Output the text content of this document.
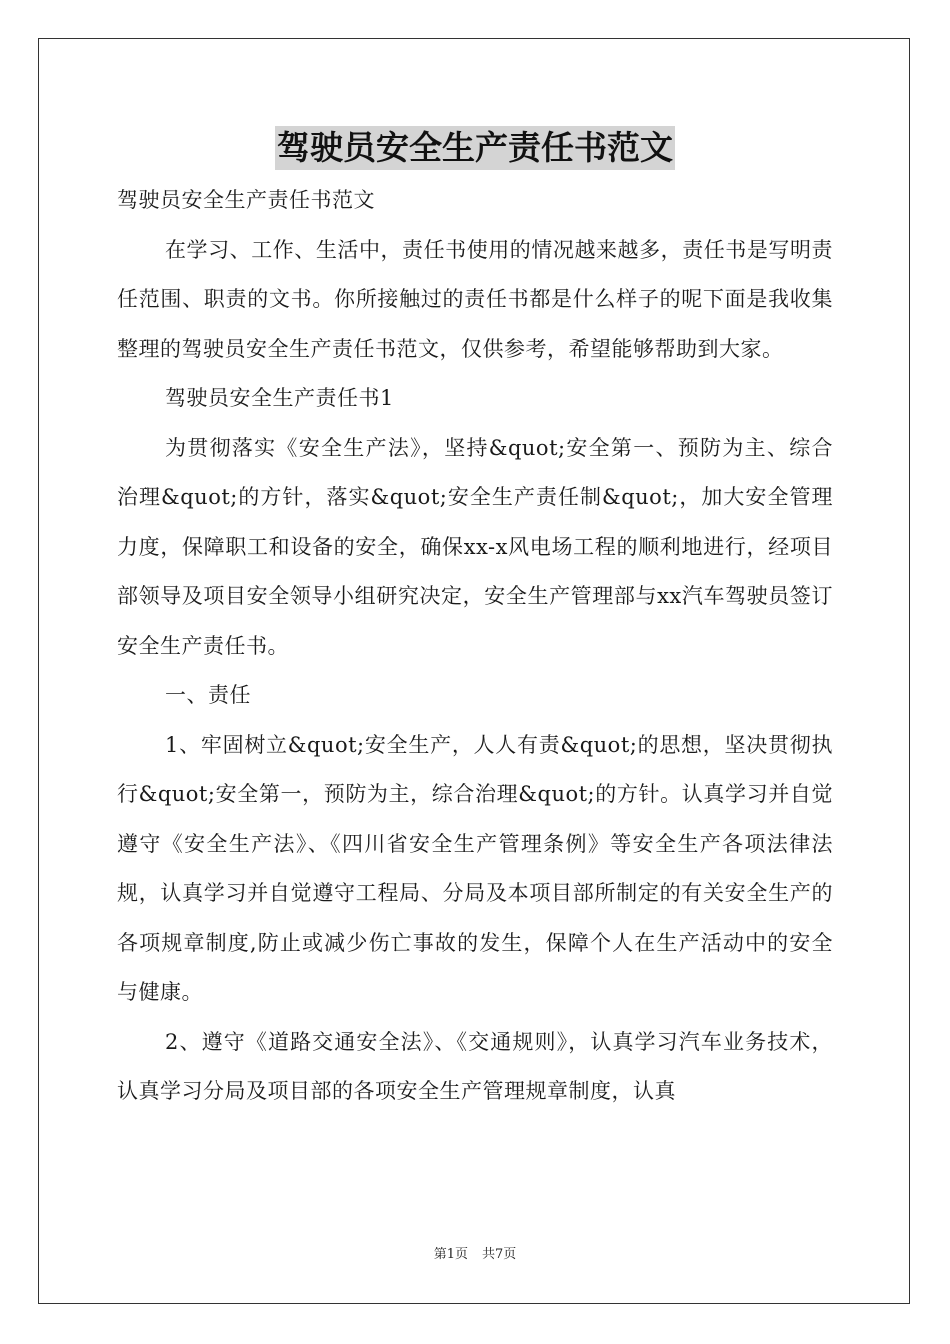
驾驶员安全生产责任书范文

驾驶员安全生产责任书范文

在学习、工作、生活中，责任书使用的情况越来越多，责任书是写明责任范围、职责的文书。你所接触过的责任书都是什么样子的呢下面是我收集整理的驾驶员安全生产责任书范文，仅供参考，希望能够帮助到大家。

驾驶员安全生产责任书1

为贯彻落实《安全生产法》，坚持&quot;安全第一、预防为主、综合治理&quot;的方针，落实&quot;安全生产责任制&quot;，加大安全管理力度，保障职工和设备的安全，确保xx-x风电场工程的顺利地进行，经项目部领导及项目安全领导小组研究决定，安全生产管理部与xx汽车驾驶员签订安全生产责任书。

一、责任

1、牢固树立&quot;安全生产，人人有责&quot;的思想，坚决贯彻执行&quot;安全第一，预防为主，综合治理&quot;的方针。认真学习并自觉遵守《安全生产法》、《四川省安全生产管理条例》等安全生产各项法律法规，认真学习并自觉遵守工程局、分局及本项目部所制定的有关安全生产的各项规章制度,防止或减少伤亡事故的发生，保障个人在生产活动中的安全与健康。

2、遵守《道路交通安全法》、《交通规则》，认真学习汽车业务技术，认真学习分局及项目部的各项安全生产管理规章制度，认真

第1页 共7页
